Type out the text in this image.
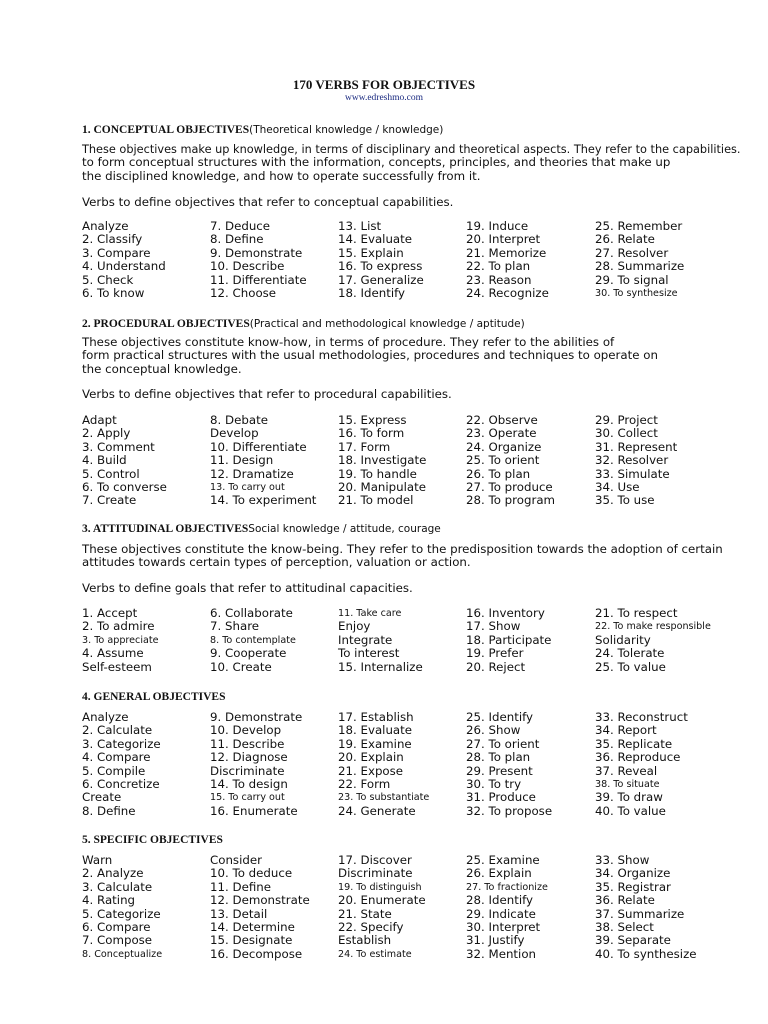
170 VERBS FOR OBJECTIVES
www.edreshmo.com
1. CONCEPTUAL OBJECTIVES(Theoretical knowledge / knowledge)
These objectives make up knowledge, in terms of disciplinary and theoretical aspects. They refer to the capabilities.
to form conceptual structures with the information, concepts, principles, and theories that make up
the disciplined knowledge, and how to operate successfully from it.
Verbs to define objectives that refer to conceptual capabilities.
Analyze
2. Classify
3. Compare
4. Understand
5. Check
6. To know
7. Deduce
8. Define
9. Demonstrate
10. Describe
11. Differentiate
12. Choose
13. List
14. Evaluate
15. Explain
16. To express
17. Generalize
18. Identify
19. Induce
20. Interpret
21. Memorize
22. To plan
23. Reason
24. Recognize
25. Remember
26. Relate
27. Resolver
28. Summarize
29. To signal
30. To synthesize
2. PROCEDURAL OBJECTIVES(Practical and methodological knowledge / aptitude)
These objectives constitute know-how, in terms of procedure. They refer to the abilities of
form practical structures with the usual methodologies, procedures and techniques to operate on
the conceptual knowledge.
Verbs to define objectives that refer to procedural capabilities.
Adapt
2. Apply
3. Comment
4. Build
5. Control
6. To converse
7. Create
8. Debate
Develop
10. Differentiate
11. Design
12. Dramatize
13. To carry out
14. To experiment
15. Express
16. To form
17. Form
18. Investigate
19. To handle
20. Manipulate
21. To model
22. Observe
23. Operate
24. Organize
25. To orient
26. To plan
27. To produce
28. To program
29. Project
30. Collect
31. Represent
32. Resolver
33. Simulate
34. Use
35. To use
3. ATTITUDINAL OBJECTIVESSocial knowledge / attitude, courage
These objectives constitute the know-being. They refer to the predisposition towards the adoption of certain
attitudes towards certain types of perception, valuation or action.
Verbs to define goals that refer to attitudinal capacities.
1. Accept
2. To admire
3. To appreciate
4. Assume
Self-esteem
6. Collaborate
7. Share
8. To contemplate
9. Cooperate
10. Create
11. Take care
Enjoy
Integrate
To interest
15. Internalize
16. Inventory
17. Show
18. Participate
19. Prefer
20. Reject
21. To respect
22. To make responsible
Solidarity
24. Tolerate
25. To value
4. GENERAL OBJECTIVES
Analyze
2. Calculate
3. Categorize
4. Compare
5. Compile
6. Concretize
Create
8. Define
9. Demonstrate
10. Develop
11. Describe
12. Diagnose
Discriminate
14. To design
15. To carry out
16. Enumerate
17. Establish
18. Evaluate
19. Examine
20. Explain
21. Expose
22. Form
23. To substantiate
24. Generate
25. Identify
26. Show
27. To orient
28. To plan
29. Present
30. To try
31. Produce
32. To propose
33. Reconstruct
34. Report
35. Replicate
36. Reproduce
37. Reveal
38. To situate
39. To draw
40. To value
5. SPECIFIC OBJECTIVES
Warn
2. Analyze
3. Calculate
4. Rating
5. Categorize
6. Compare
7. Compose
8. Conceptualize
Consider
10. To deduce
11. Define
12. Demonstrate
13. Detail
14. Determine
15. Designate
16. Decompose
17. Discover
Discriminate
19. To distinguish
20. Enumerate
21. State
22. Specify
Establish
24. To estimate
25. Examine
26. Explain
27. To fractionize
28. Identify
29. Indicate
30. Interpret
31. Justify
32. Mention
33. Show
34. Organize
35. Registrar
36. Relate
37. Summarize
38. Select
39. Separate
40. To synthesize
